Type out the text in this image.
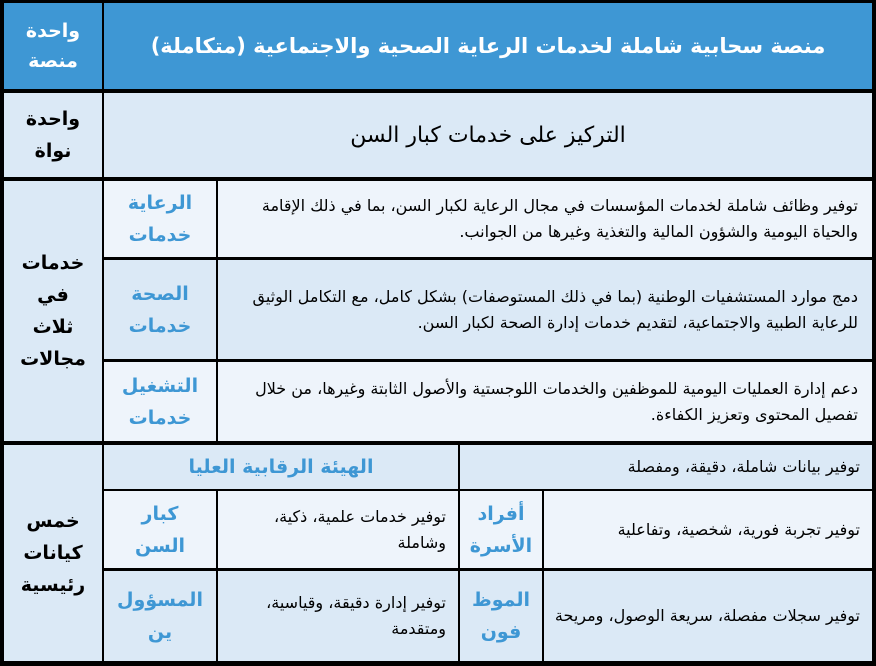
منصة سحابية شاملة لخدمات الرعاية الصحية والاجتماعية (متكاملة)
واحدة منصة
التركيز على خدمات كبار السن
واحدة نواة
خدمات في ثلاث مجالات
الرعاية خدمات
توفير وظائف شاملة لخدمات المؤسسات في مجال الرعاية لكبار السن، بما في ذلك الإقامة والحياة اليومية والشؤون المالية والتغذية وغيرها من الجوانب.
الصحة خدمات
دمج موارد المستشفيات الوطنية (بما في ذلك المستوصفات) بشكل كامل، مع التكامل الوثيق للرعاية الطبية والاجتماعية، لتقديم خدمات إدارة الصحة لكبار السن.
التشغيل خدمات
دعم إدارة العمليات اليومية للموظفين والخدمات اللوجستية والأصول الثابتة وغيرها، من خلال تفصيل المحتوى وتعزيز الكفاءة.
خمس كيانات رئيسية
الهيئة الرقابية العليا	توفير بيانات شاملة، دقيقة، ومفصلة
كبار السن
توفير خدمات علمية، ذكية، وشاملة
أفراد الأسرة
توفير تجربة فورية، شخصية، وتفاعلية
المسؤول ين
توفير إدارة دقيقة، وقياسية، ومتقدمة
الموظ فون
توفير سجلات مفصلة، سريعة الوصول، ومريحة
